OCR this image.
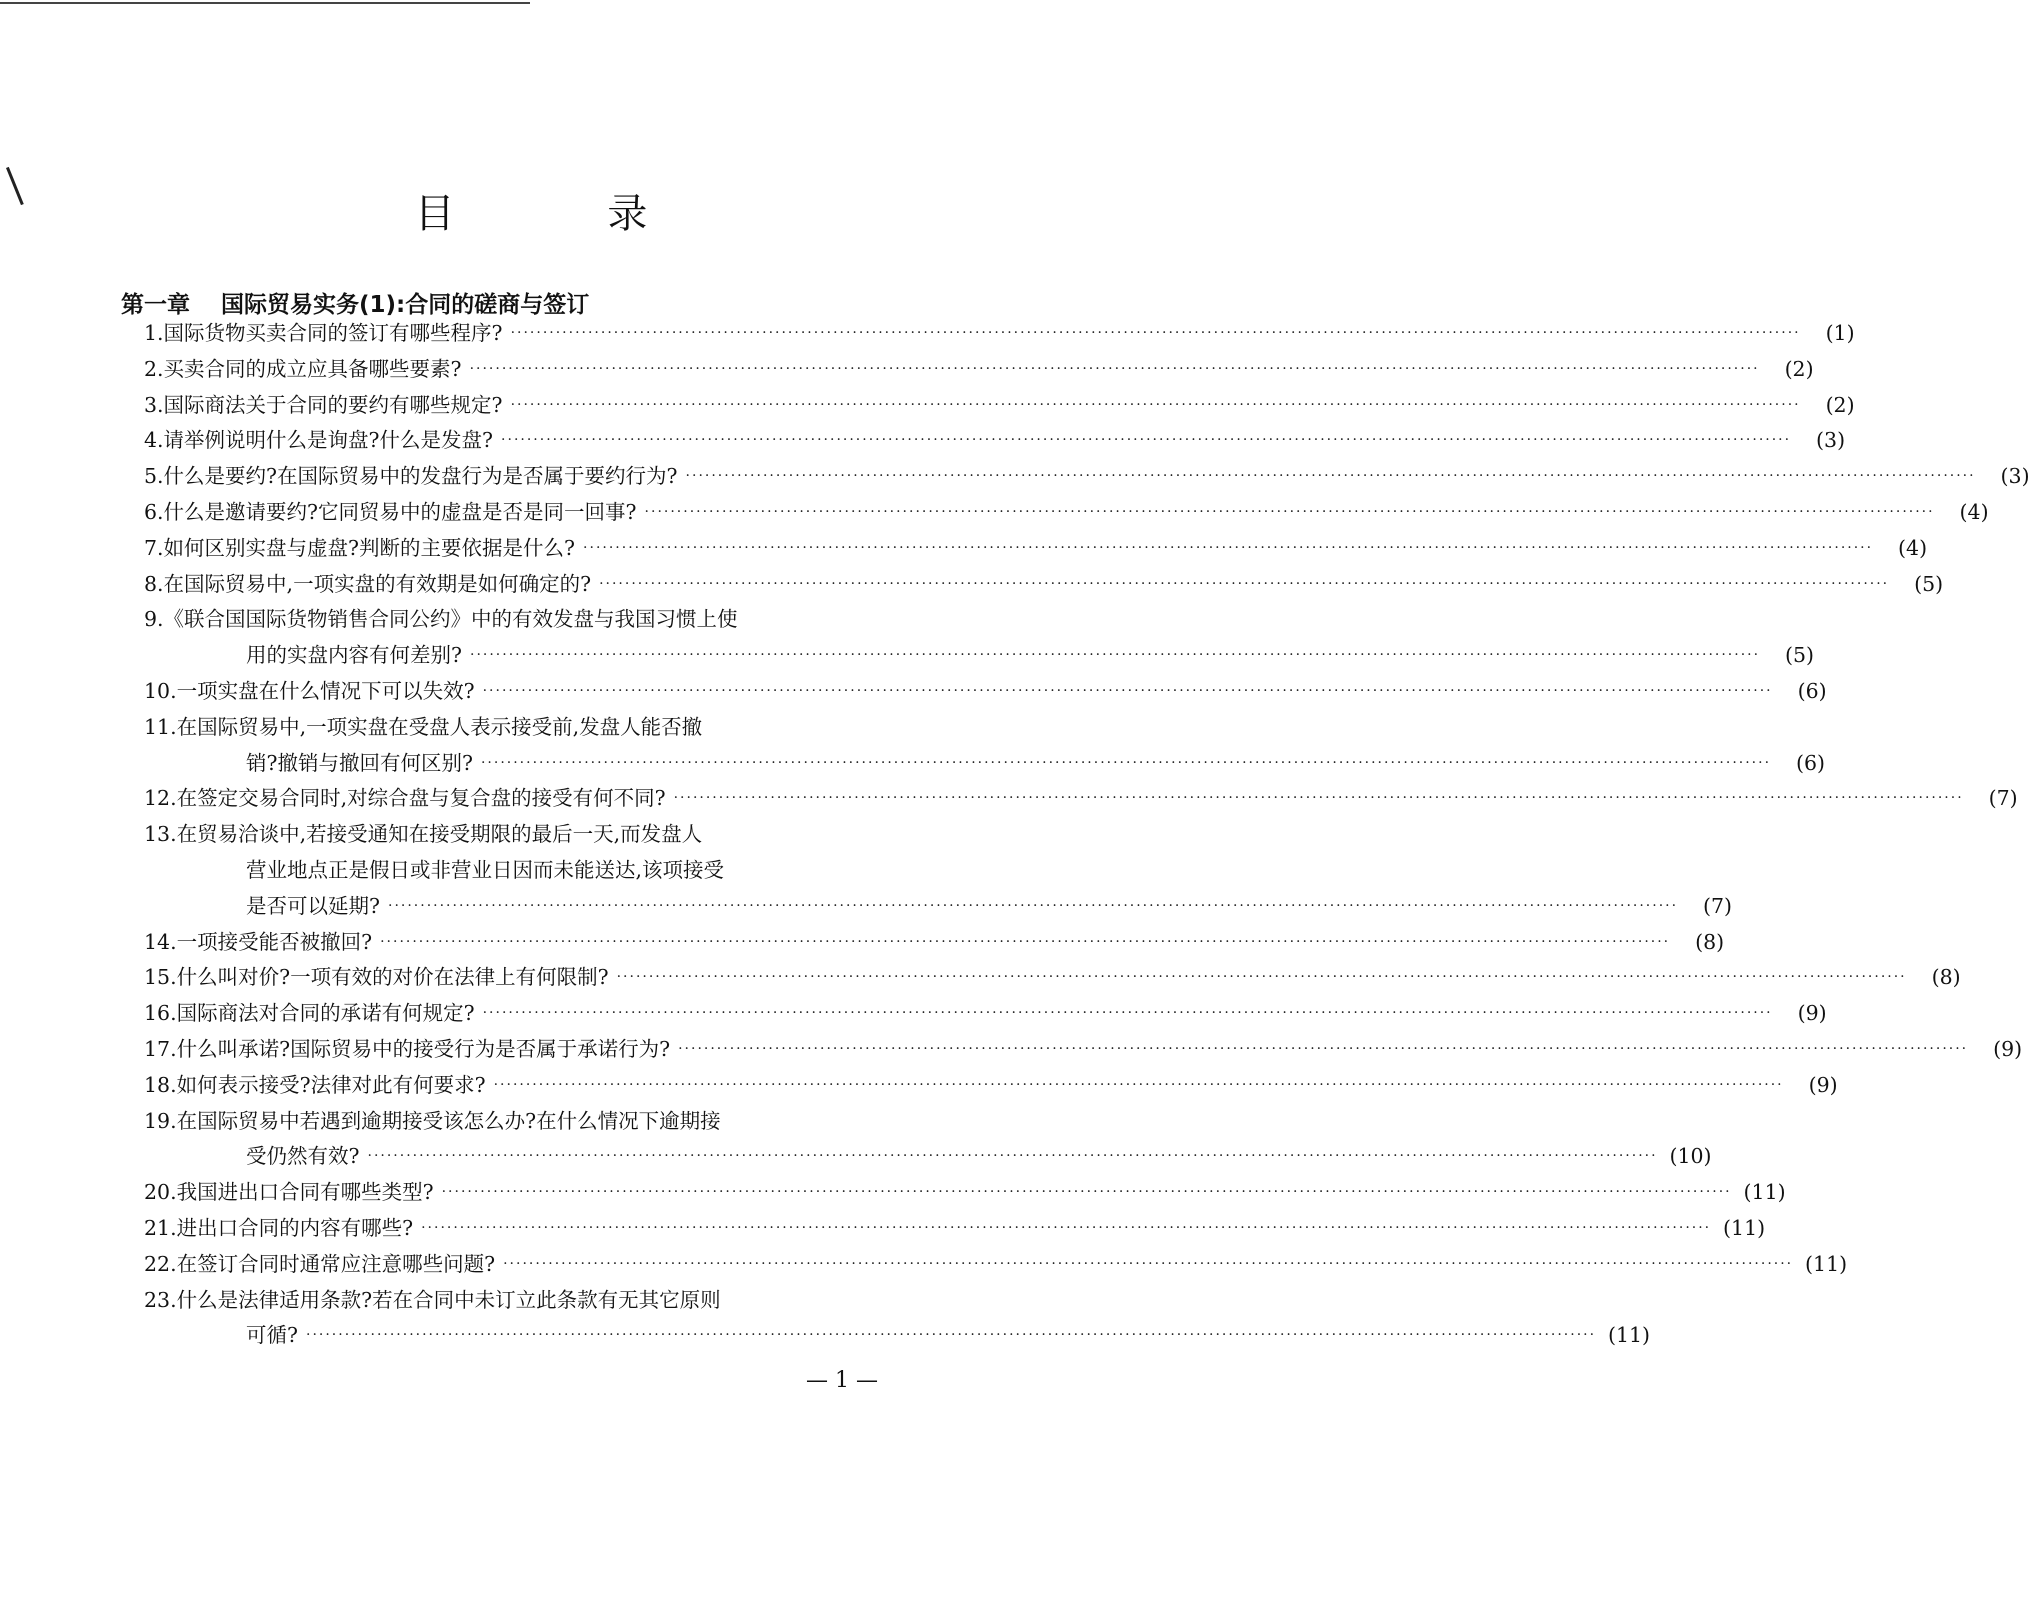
目 录
第一章 国际贸易实务(1):合同的磋商与签订
1.国际货物买卖合同的签订有哪些程序? ········································································································································································································	(1)
2.买卖合同的成立应具备哪些要素? ········································································································································································································	(2)
3.国际商法关于合同的要约有哪些规定? ········································································································································································································	(2)
4.请举例说明什么是询盘?什么是发盘? ········································································································································································································	(3)
5.什么是要约?在国际贸易中的发盘行为是否属于要约行为? ········································································································································································································	(3)
6.什么是邀请要约?它同贸易中的虚盘是否是同一回事? ········································································································································································································	(4)
7.如何区别实盘与虚盘?判断的主要依据是什么? ········································································································································································································	(4)
8.在国际贸易中,一项实盘的有效期是如何确定的? ········································································································································································································	(5)
9.《联合国国际货物销售合同公约》中的有效发盘与我国习惯上使
用的实盘内容有何差别? ········································································································································································································	(5)
10.一项实盘在什么情况下可以失效? ········································································································································································································	(6)
11.在国际贸易中,一项实盘在受盘人表示接受前,发盘人能否撤
销?撤销与撤回有何区别? ········································································································································································································	(6)
12.在签定交易合同时,对综合盘与复合盘的接受有何不同? ········································································································································································································	(7)
13.在贸易洽谈中,若接受通知在接受期限的最后一天,而发盘人
营业地点正是假日或非营业日因而未能送达,该项接受
是否可以延期? ········································································································································································································	(7)
14.一项接受能否被撤回? ········································································································································································································	(8)
15.什么叫对价?一项有效的对价在法律上有何限制? ········································································································································································································	(8)
16.国际商法对合同的承诺有何规定? ········································································································································································································	(9)
17.什么叫承诺?国际贸易中的接受行为是否属于承诺行为? ········································································································································································································	(9)
18.如何表示接受?法律对此有何要求? ········································································································································································································	(9)
19.在国际贸易中若遇到逾期接受该怎么办?在什么情况下逾期接
受仍然有效? ········································································································································································································ (10)
20.我国进出口合同有哪些类型? ········································································································································································································ (11)
21.进出口合同的内容有哪些? ········································································································································································································ (11)
22.在签订合同时通常应注意哪些问题? ········································································································································································································ (11)
23.什么是法律适用条款?若在合同中未订立此条款有无其它原则
可循? ········································································································································································································ (11)
— 1 —
